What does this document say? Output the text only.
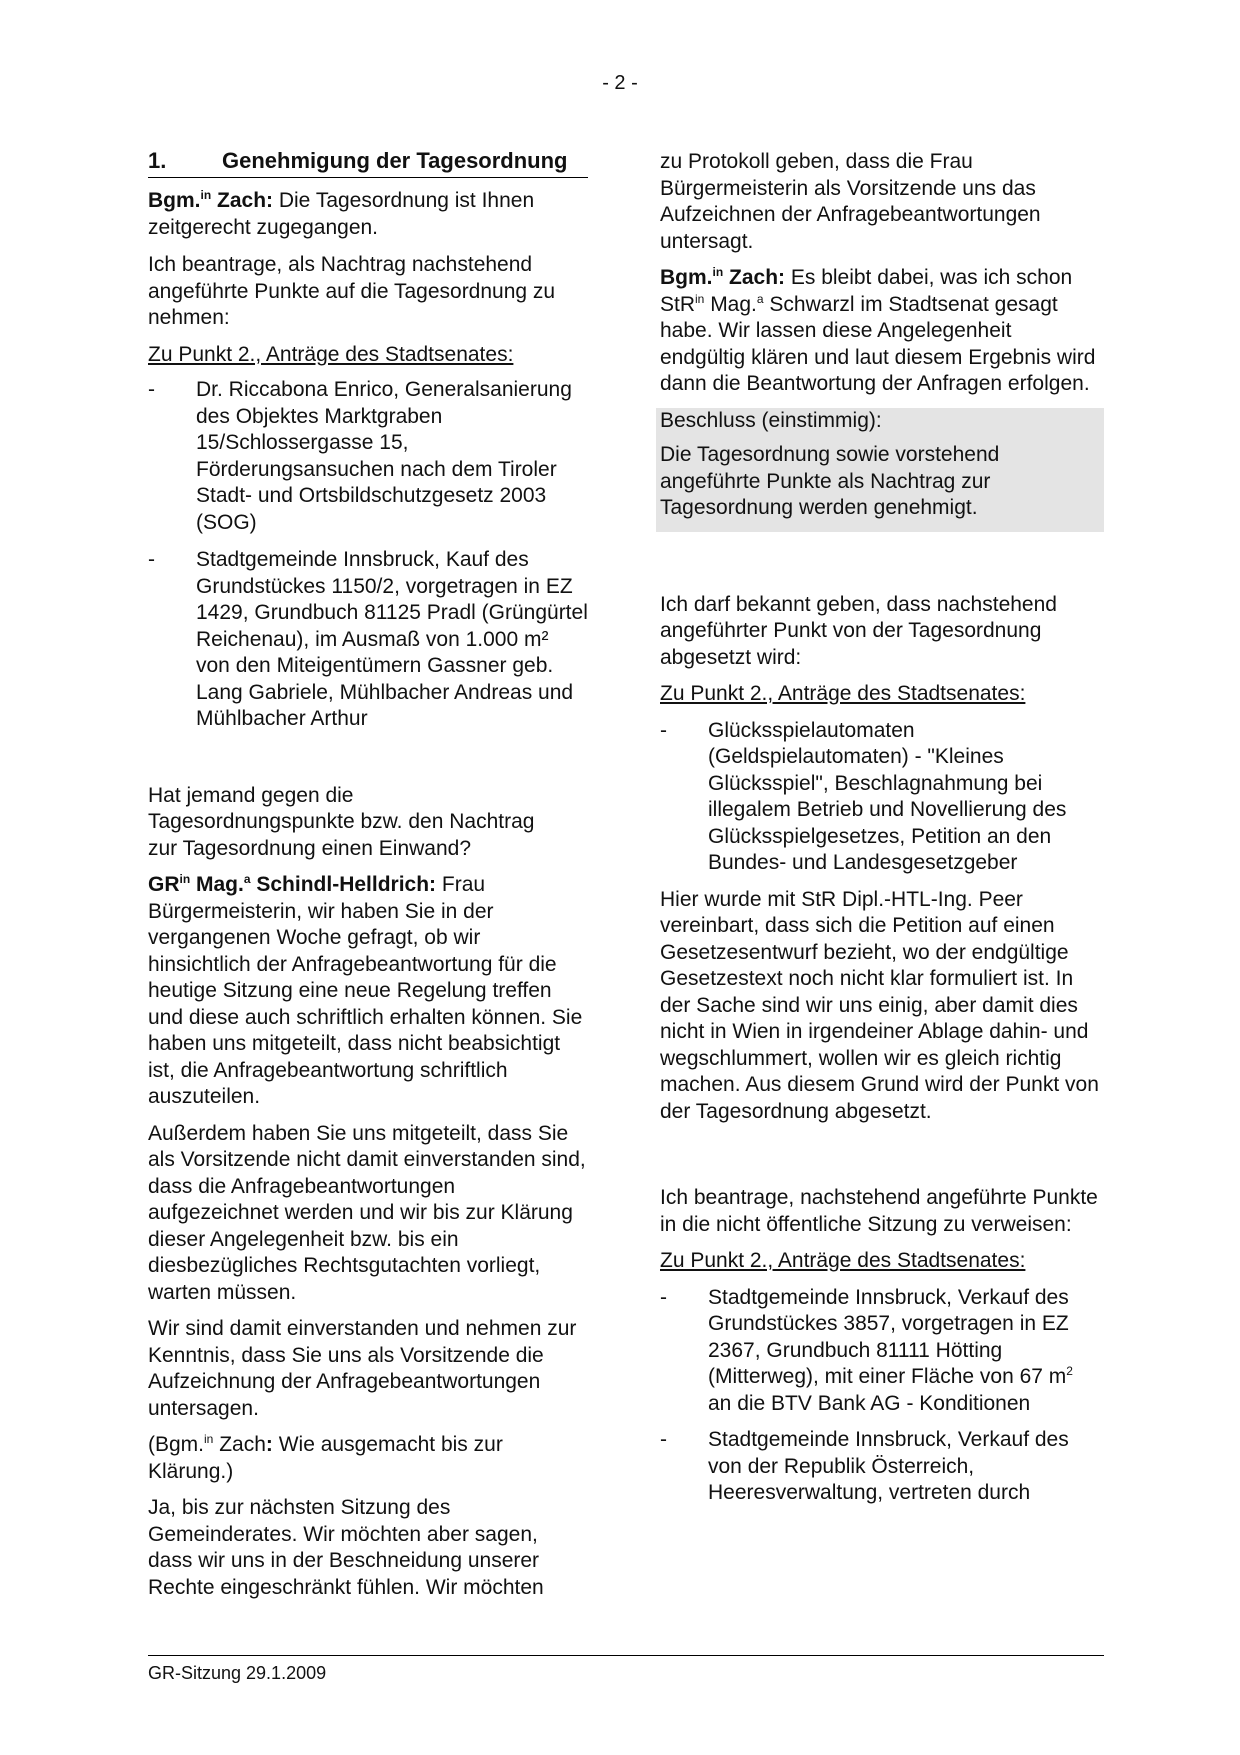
- 2 -
1.	Genehmigung der Tagesordnung

Bgm.$^{in}$ Zach: Die Tagesordnung ist Ihnen zeitgerecht zugegangen.

Ich beantrage, als Nachtrag nachstehend angeführte Punkte auf die Tagesordnung zu nehmen:

Zu Punkt 2., Anträge des Stadtsenates:

-	Dr. Riccabona Enrico, Generalsanierung des Objektes Marktgraben 15/Schlossergasse 15, Förderungsansuchen nach dem Tiroler Stadt- und Ortsbildschutzgesetz 2003 (SOG)
-	Stadtgemeinde Innsbruck, Kauf des Grundstückes 1150/2, vorgetragen in EZ 1429, Grundbuch 81125 Pradl (Grüngürtel Reichenau), im Ausmaß von 1.000 m² von den Miteigentümern Gassner geb. Lang Gabriele, Mühlbacher Andreas und Mühlbacher Arthur

Hat jemand gegen die Tagesordnungspunkte bzw. den Nachtrag zur Tagesordnung einen Einwand?

$GR^{in}$ Mag.$^a$ Schindl-Helldrich: Frau Bürgermeisterin, wir haben Sie in der vergangenen Woche gefragt, ob wir hinsichtlich der Anfragebeantwortung für die heutige Sitzung eine neue Regelung treffen und diese auch schriftlich erhalten können. Sie haben uns mitgeteilt, dass nicht beabsichtigt ist, die Anfragebeantwortung schriftlich auszuteilen.

Außerdem haben Sie uns mitgeteilt, dass Sie als Vorsitzende nicht damit einverstanden sind, dass die Anfragebeantwortungen aufgezeichnet werden und wir bis zur Klärung dieser Angelegenheit bzw. bis ein diesbezügliches Rechtsgutachten vorliegt, warten müssen.

Wir sind damit einverstanden und nehmen zur Kenntnis, dass Sie uns als Vorsitzende die Aufzeichnung der Anfragebeantwortungen untersagen.

(Bgm.$^{in}$ Zach: Wie ausgemacht bis zur Klärung.)

Ja, bis zur nächsten Sitzung des Gemeinderates. Wir möchten aber sagen, dass wir uns in der Beschneidung unserer Rechte eingeschränkt fühlen. Wir möchten

zu Protokoll geben, dass die Frau Bürgermeisterin als Vorsitzende uns das Aufzeichnen der Anfragebeantwortungen untersagt.

Bgm.$^{in}$ Zach: Es bleibt dabei, was ich schon StR$^{in}$ Mag.$^a$ Schwarzl im Stadtsenat gesagt habe. Wir lassen diese Angelegenheit endgültig klären und laut diesem Ergebnis wird dann die Beantwortung der Anfragen erfolgen.

Beschluss (einstimmig):

Die Tagesordnung sowie vorstehend angeführte Punkte als Nachtrag zur Tagesordnung werden genehmigt.

Ich darf bekannt geben, dass nachstehend angeführter Punkt von der Tagesordnung abgesetzt wird:

Zu Punkt 2., Anträge des Stadtsenates:

-	Glücksspielautomaten (Geldspielautomaten) - "Kleines Glücksspiel", Beschlagnahmung bei illegalem Betrieb und Novellierung des Glücksspielgesetzes, Petition an den Bundes- und Landesgesetzgeber

Hier wurde mit StR Dipl.-HTL-Ing. Peer vereinbart, dass sich die Petition auf einen Gesetzesentwurf bezieht, wo der endgültige Gesetzestext noch nicht klar formuliert ist. In der Sache sind wir uns einig, aber damit dies nicht in Wien in irgendeiner Ablage dahin- und wegschlummert, wollen wir es gleich richtig machen. Aus diesem Grund wird der Punkt von der Tagesordnung abgesetzt.

Ich beantrage, nachstehend angeführte Punkte in die nicht öffentliche Sitzung zu verweisen:

Zu Punkt 2., Anträge des Stadtsenates:

-	Stadtgemeinde Innsbruck, Verkauf des Grundstückes 3857, vorgetragen in EZ 2367, Grundbuch 81111 Hötting (Mitterweg), mit einer Fläche von 67 $m^2$ an die BTV Bank AG - Konditionen
-	Stadtgemeinde Innsbruck, Verkauf des von der Republik Österreich, Heeresverwaltung, vertreten durch
GR-Sitzung 29.1.2009
